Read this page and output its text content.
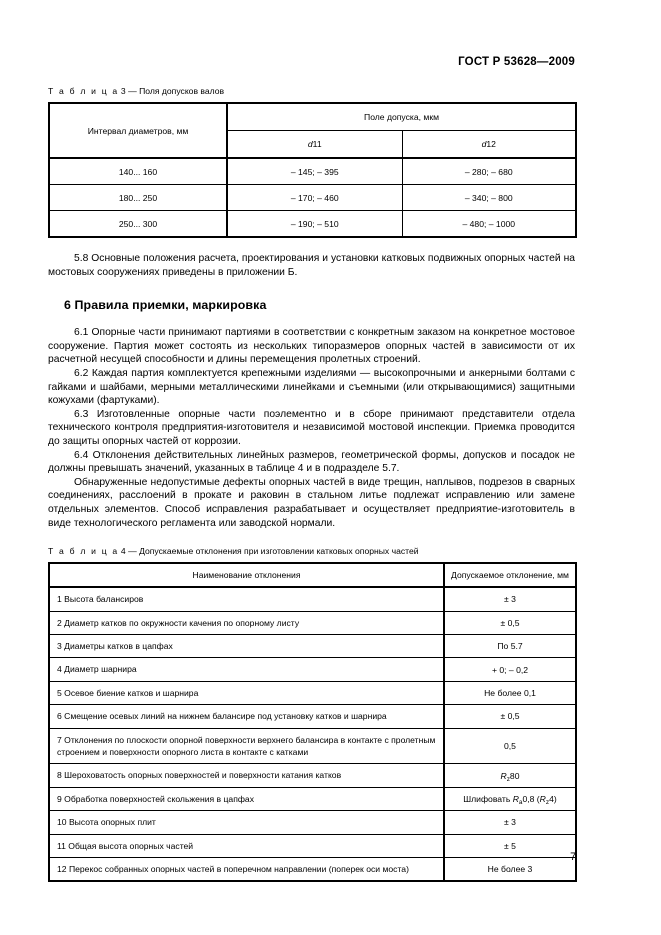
ГОСТ Р 53628—2009
Т а б л и ц а 3 — Поля допусков валов
Интервал диаметров, мм	Поле допуска, мкм	
	d11	d12
140... 160	– 145; – 395	– 280; – 680
180... 250	– 170; – 460	– 340; – 800
250... 300	– 190; – 510	– 480; – 1000

5.8 Основные положения расчета, проектирования и установки катковых подвижных опорных частей на мостовых сооружениях приведены в приложении Б.

6 Правила приемки, маркировка

6.1 Опорные части принимают партиями в соответствии с конкретным заказом на конкретное мостовое сооружение. Партия может состоять из нескольких типоразмеров опорных частей в зависимости от их расчетной несущей способности и длины перемещения пролетных строений.

6.2 Каждая партия комплектуется крепежными изделиями — высокопрочными и анкерными болтами с гайками и шайбами, мерными металлическими линейками и съемными (или открывающимися) защитными кожухами (фартуками).

6.3 Изготовленные опорные части поэлементно и в сборе принимают представители отдела технического контроля предприятия-изготовителя и независимой мостовой инспекции. Приемка проводится до защиты опорных частей от коррозии.

6.4 Отклонения действительных линейных размеров, геометрической формы, допусков и посадок не должны превышать значений, указанных в таблице 4 и в подразделе 5.7.

Обнаруженные недопустимые дефекты опорных частей в виде трещин, наплывов, подрезов в сварных соединениях, расслоений в прокате и раковин в стальном литье подлежат исправлению или замене отдельных элементов. Способ исправления разрабатывает и осуществляет предприятие-изготовитель в виде технологического регламента или заводской нормали.

Т а б л и ц а 4 — Допускаемые отклонения при изготовлении катковых опорных частей
Наименование отклонения	Допускаемое отклонение, мм
1 Высота балансиров	± 3
2 Диаметр катков по окружности качения по опорному листу	± 0,5
3 Диаметры катков в цапфах	По 5.7
4 Диаметр шарнира	+ 0; – 0,2
5 Осевое биение катков и шарнира	Не более 0,1
6 Смещение осевых линий на нижнем балансире под установку катков и шарнира	± 0,5
7 Отклонения по плоскости опорной поверхности верхнего балансира в контакте с пролетным строением и поверхности опорного листа в контакте с катками	0,5
8 Шероховатость опорных поверхностей и поверхности катания катков	$R_z80$
9 Обработка поверхностей скольжения в цапфах	Шлифовать $R_a0,8$ $(R_z4)$
10 Высота опорных плит	± 3
11 Общая высота опорных частей	± 5
12 Перекос собранных опорных частей в поперечном направлении (поперек оси моста)	Не более 3
7
